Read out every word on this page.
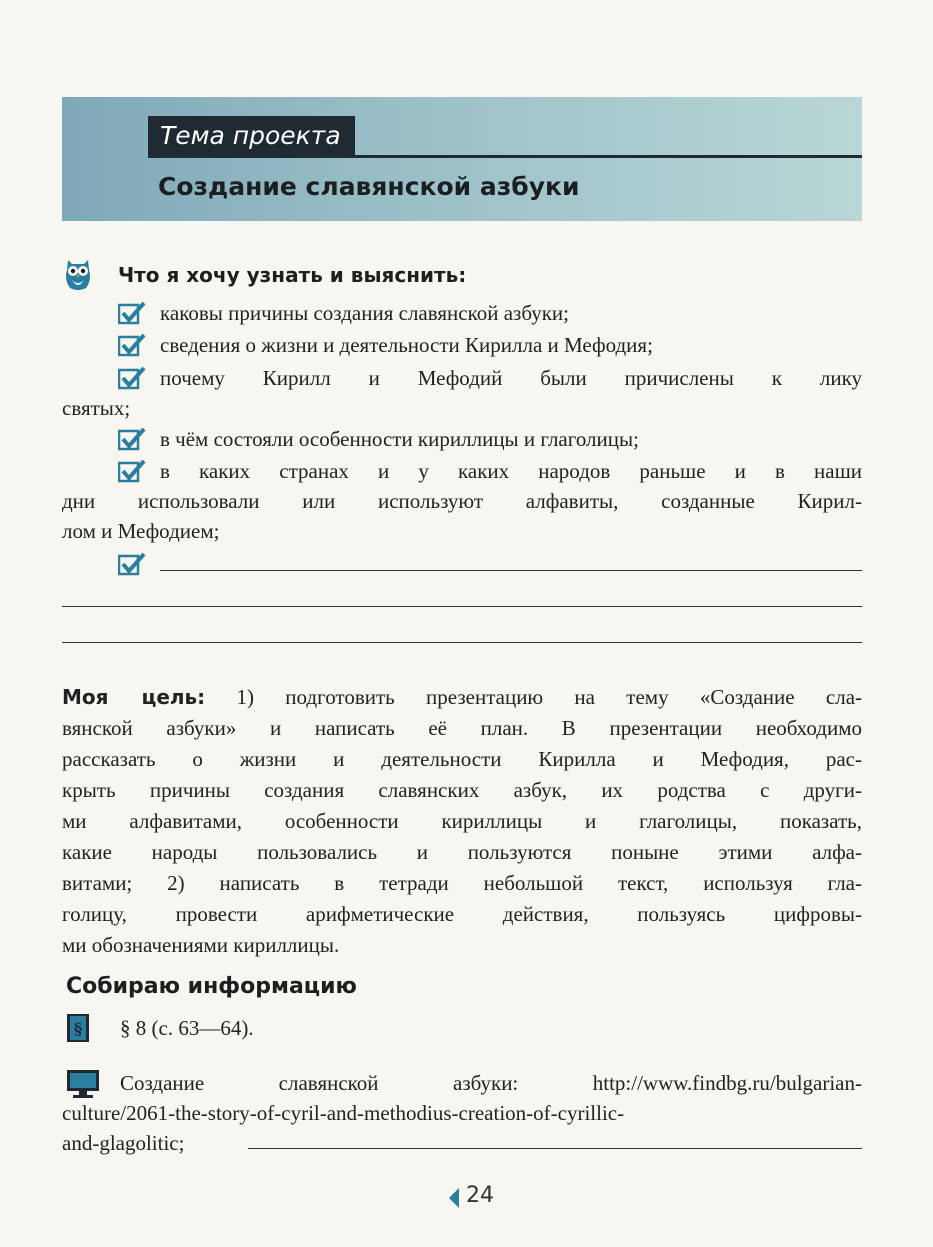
Тема проекта
Создание славянской азбуки
Что я хочу узнать и выяснить:
каковы причины создания славянской азбуки;
сведения о жизни и деятельности Кирилла и Мефодия;
почему Кирилл и Мефодий были причислены к лику
святых;
в чём состояли особенности кириллицы и глаголицы;
в каких странах и у каких народов раньше и в наши
дни использовали или используют алфавиты, созданные Кирил-
лом и Мефодием;
Моя цель: 1) подготовить презентацию на тему «Создание сла-
вянской азбуки» и написать её план. В презентации необходимо
рассказать о жизни и деятельности Кирилла и Мефодия, рас-
крыть причины создания славянских азбук, их родства с други-
ми алфавитами, особенности кириллицы и глаголицы, показать,
какие народы пользовались и пользуются поныне этими алфа-
витами; 2) написать в тетради небольшой текст, используя гла-
голицу, провести арифметические действия, пользуясь цифровы-
ми обозначениями кириллицы.
Собираю информацию
§ § 8 (с. 63—64).
Создание славянской азбуки: http://www.findbg.ru/bulgarian-
culture/2061-the-story-of-cyril-and-methodius-creation-of-cyrillic-
and-glagolitic;
24
